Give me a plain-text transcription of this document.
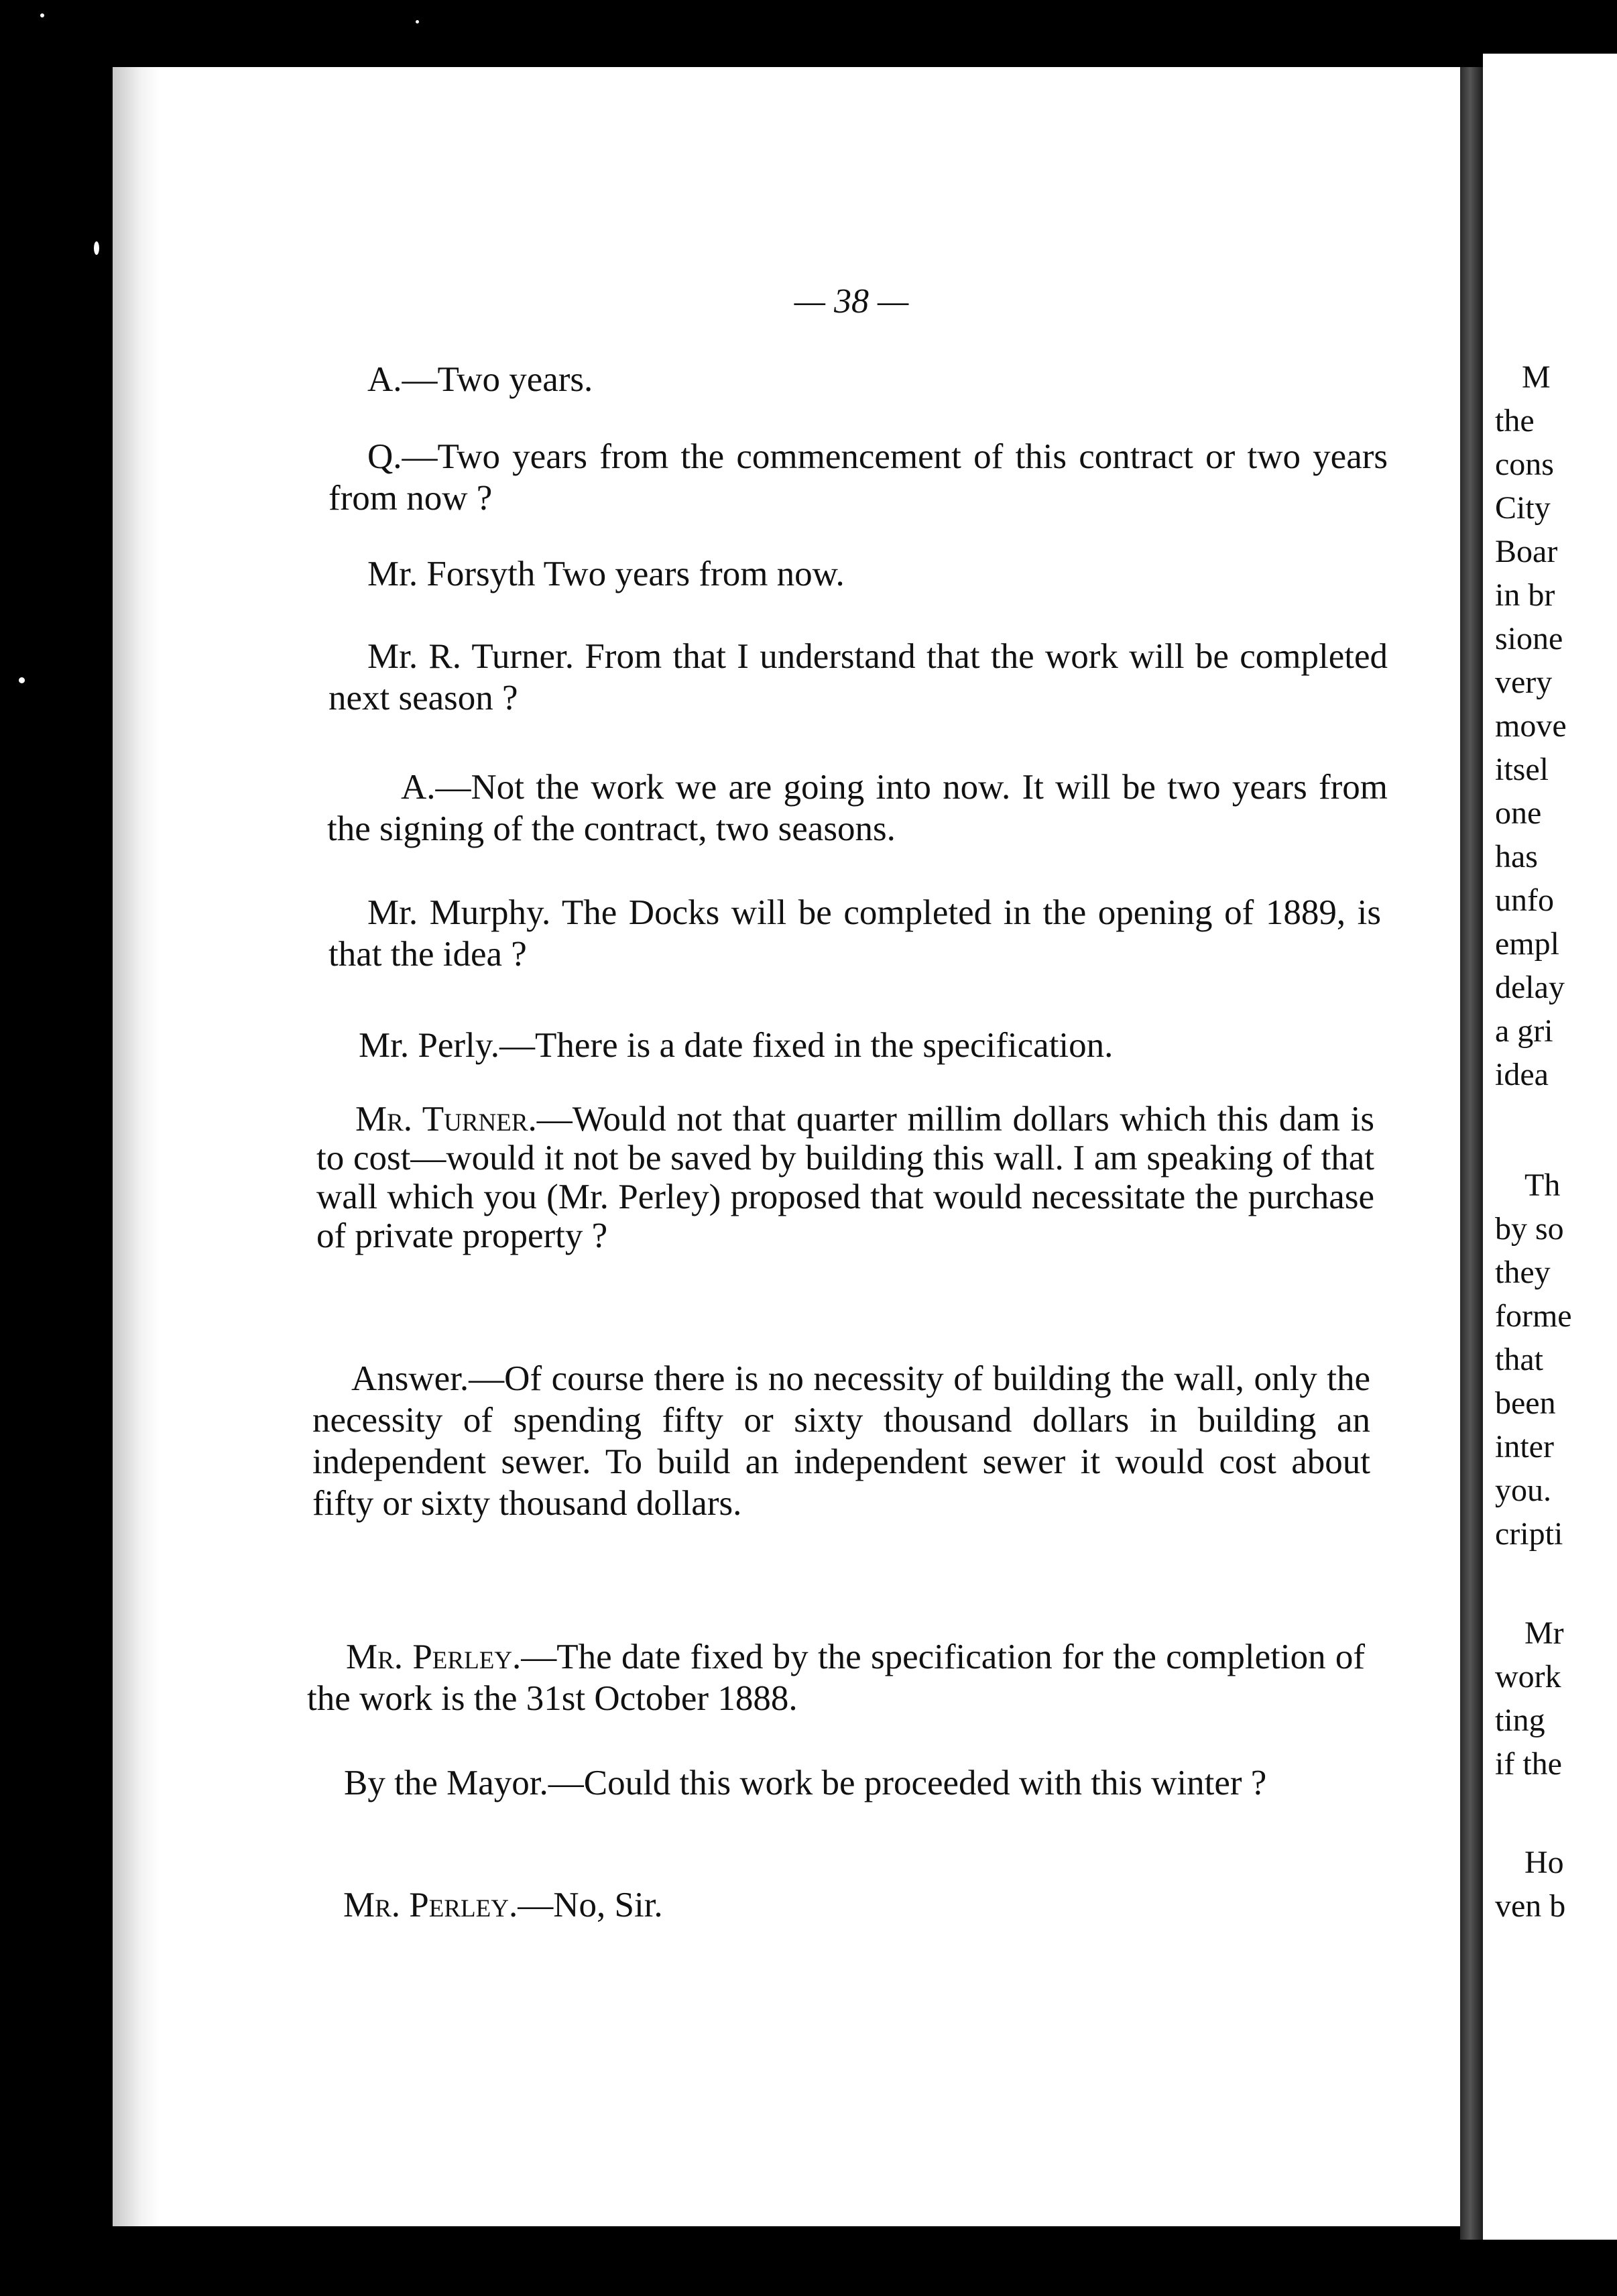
— 38 —
A.—Two years.
Q.—Two years from the commencement of this contract or two years from now ?
Mr. Forsyth Two years from now.
Mr. R. Turner. From that I understand that the work will be completed next season ?
A.—Not the work we are going into now. It will be two years from the signing of the contract, two seasons.
Mr. Murphy. The Docks will be completed in the opening of 1889, is that the idea ?
Mr. Perly.—There is a date fixed in the specification.
Mr. Turner.—Would not that quarter millim dollars which this dam is to cost—would it not be saved by building this wall. I am speaking of that wall which you (Mr. Perley) proposed that would necessitate the purchase of private property ?
Answer.—Of course there is no necessity of building the wall, only the necessity of spending fifty or sixty thousand dollars in building an independent sewer. To build an independent sewer it would cost about fifty or sixty thousand dollars.
Mr. Perley.—The date fixed by the specification for the completion of the work is the 31st October 1888.
By the Mayor.—Could this work be proceeded with this winter ?
Mr. Perley.—No, Sir.
M
the
cons
City
Boar
in br
sione
very
move
itsel
one
has
unfo
empl
delay
a gri
idea
Th
by so
they
forme
that
been
inter
you.
cripti
Mr
work
ting
if the
Ho
ven b
